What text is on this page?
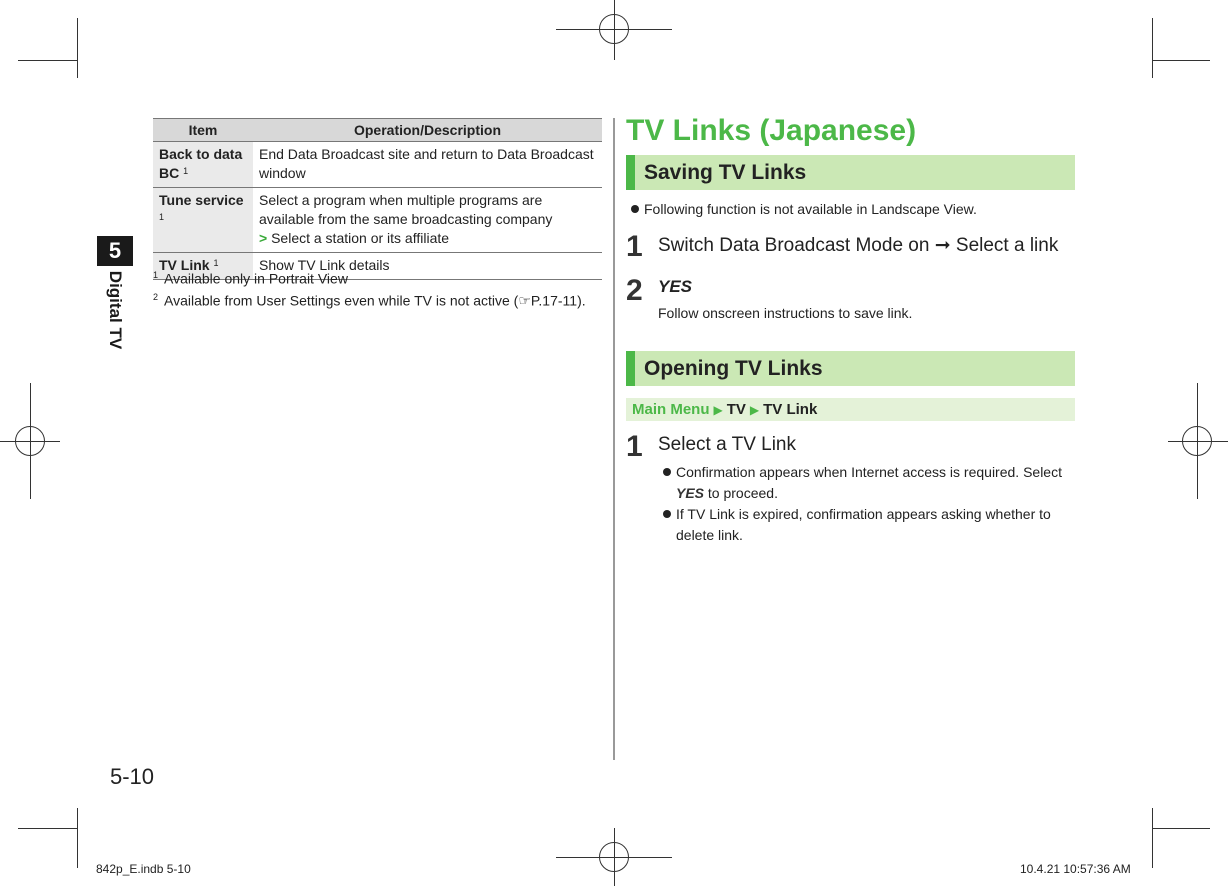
5
Digital TV
Item	Operation/Description
Back to data BC $^1$	End Data Broadcast site and return to Data Broadcast window
Tune service $^1$	Select a program when multiple programs are available from the same broadcasting company
> Select a station or its affiliate

TV Link $^1$	Show TV Link details
$^1$ Available only in Portrait View
$^2$ Available from User Settings even while TV is not active (☞P.17-11).
TV Links (Japanese)
Saving TV Links
Following function is not available in Landscape View.
1 Switch Data Broadcast Mode on ➞ Select a link
2 YES
Follow onscreen instructions to save link.
Opening TV Links
Main Menu ▶ TV ▶ TV Link
1 Select a TV Link
Confirmation appears when Internet access is required. Select YES to proceed.
If TV Link is expired, confirmation appears asking whether to delete link.
5-10
842p_E.indb 5-10	10.4.21 10:57:36 AM
